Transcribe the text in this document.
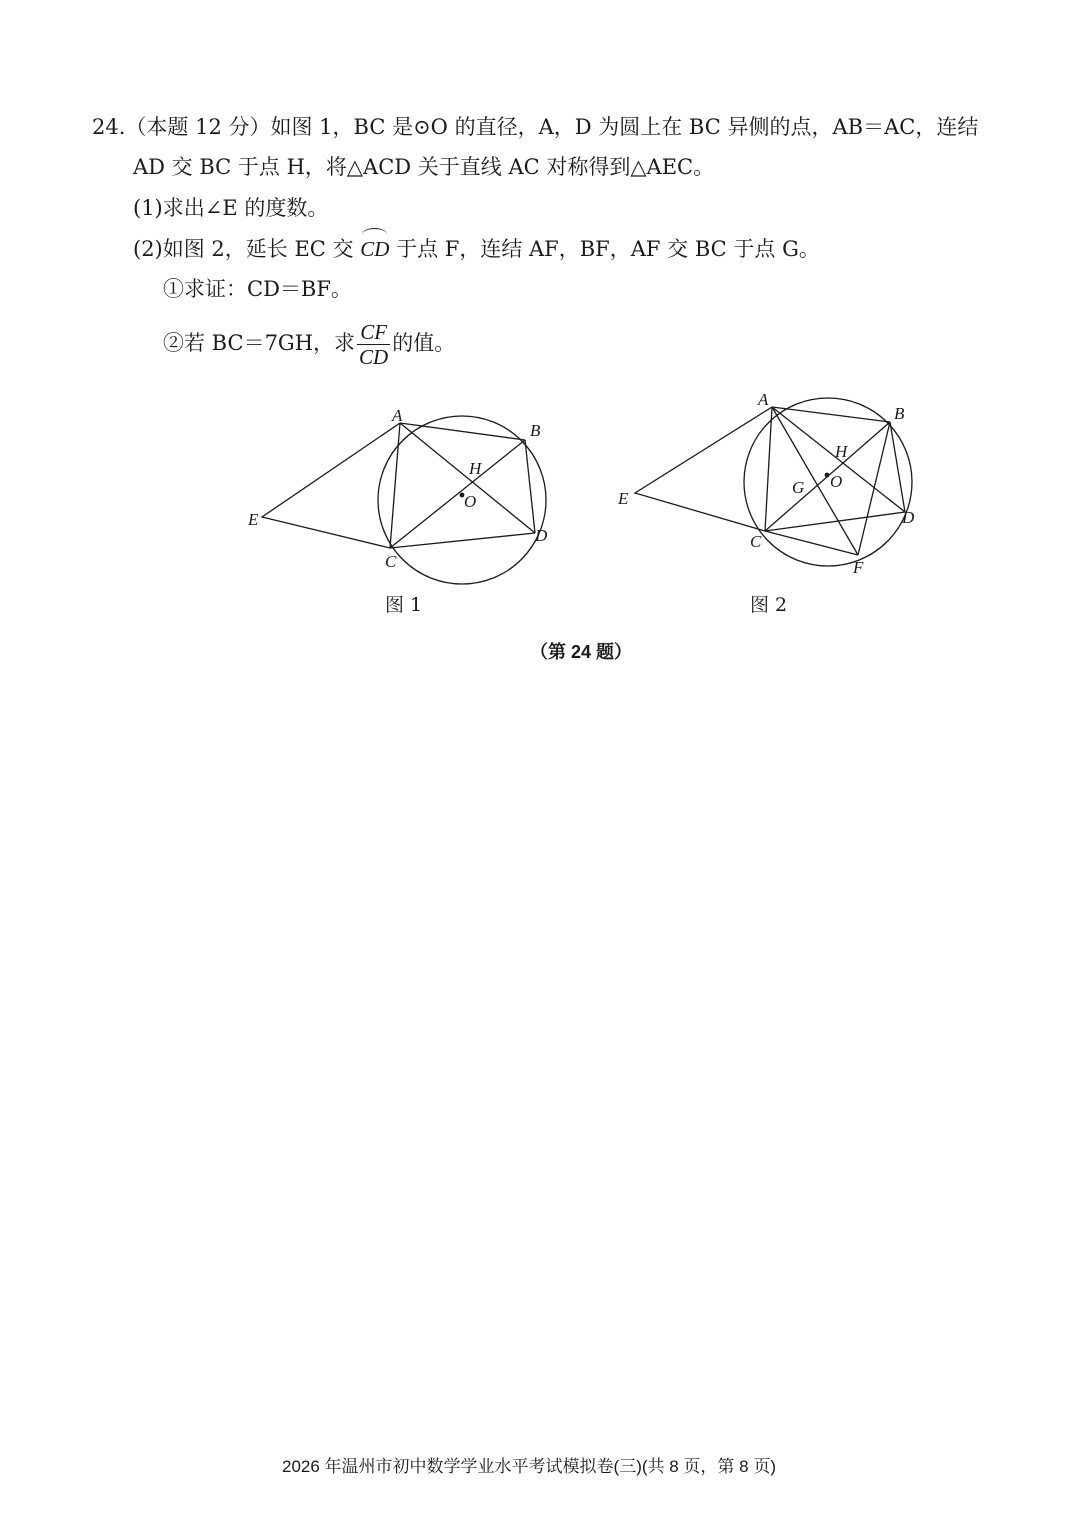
24.（本题 12 分）如图 1，BC 是⊙O 的直径，A，D 为圆上在 BC 异侧的点，AB＝AC，连结
AD 交 BC 于点 H，将△ACD 关于直线 AC 对称得到△AEC。
(1)求出∠E 的度数。
(2)如图 2，延长 EC 交 CD 于点 F，连结 AF，BF，AF 交 BC 于点 G。
①求证：CD＝BF。
②若 BC＝7GH，求 $\frac{CF}{CD}$ 的值。
A
B
C
D
E
H
O
图 1
A
B
C
D
E
F
G
H
O
图 2
（第 24 题）
2026 年温州市初中数学学业水平考试模拟卷(三)(共 8 页，第 8 页)
